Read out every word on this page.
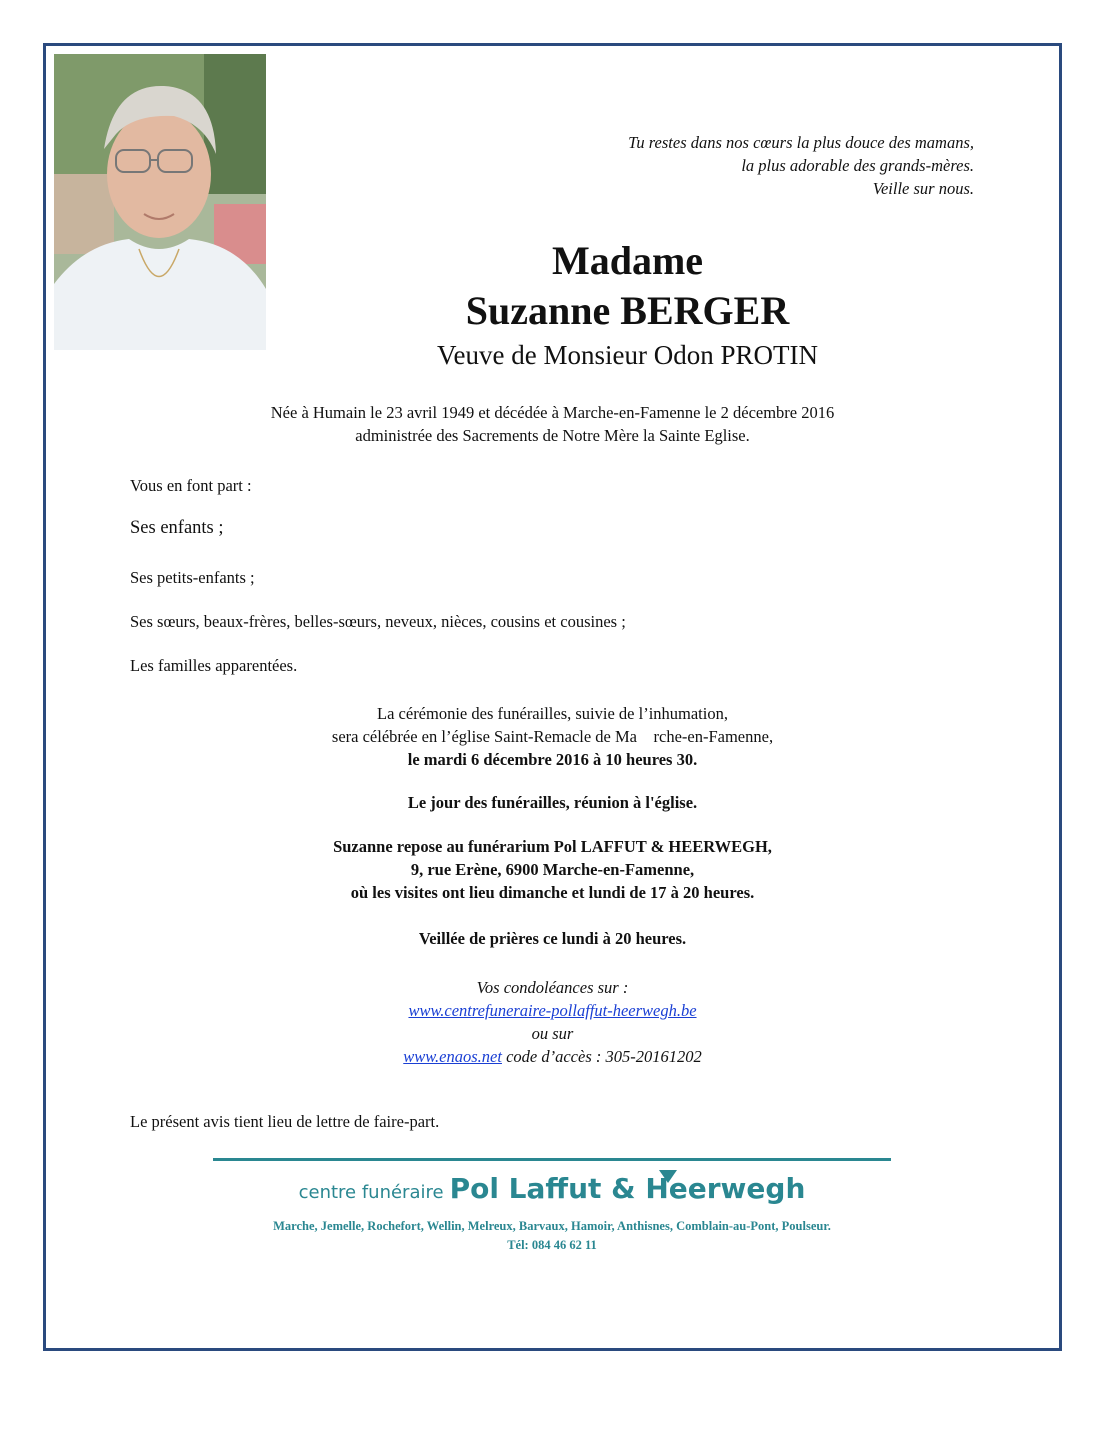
Tu restes dans nos cœurs la plus douce des mamans,
la plus adorable des grands-mères.
Veille sur nous.
Madame
Suzanne BERGER
Veuve de Monsieur Odon PROTIN
Née à Humain le 23 avril 1949 et décédée à Marche-en-Famenne le 2 décembre 2016
administrée des Sacrements de Notre Mère la Sainte Eglise.
Vous en font part :
Ses enfants ;
Ses petits-enfants ;
Ses sœurs, beaux-frères, belles-sœurs, neveux, nièces, cousins et cousines ;
Les familles apparentées.
La cérémonie des funérailles, suivie de l’inhumation,
sera célébrée en l’église Saint-Remacle de Ma    rche-en-Famenne,
le mardi 6 décembre 2016 à 10 heures 30.
Le jour des funérailles, réunion à l'église.
Suzanne repose au funérarium Pol LAFFUT & HEERWEGH,
9, rue Erène, 6900 Marche-en-Famenne,
où les visites ont lieu dimanche et lundi de 17 à 20 heures.
Veillée de prières ce lundi à 20 heures.
Vos condoléances sur :
www.centrefuneraire-pollaffut-heerwegh.be
ou sur
www.enaos.net code d’accès : 305-20161202
Le présent avis tient lieu de lettre de faire-part.
centre funéraire Pol Laffut & Heerwegh
Marche, Jemelle, Rochefort, Wellin, Melreux, Barvaux, Hamoir, Anthisnes, Comblain-au-Pont, Poulseur.
Tél: 084 46 62 11
